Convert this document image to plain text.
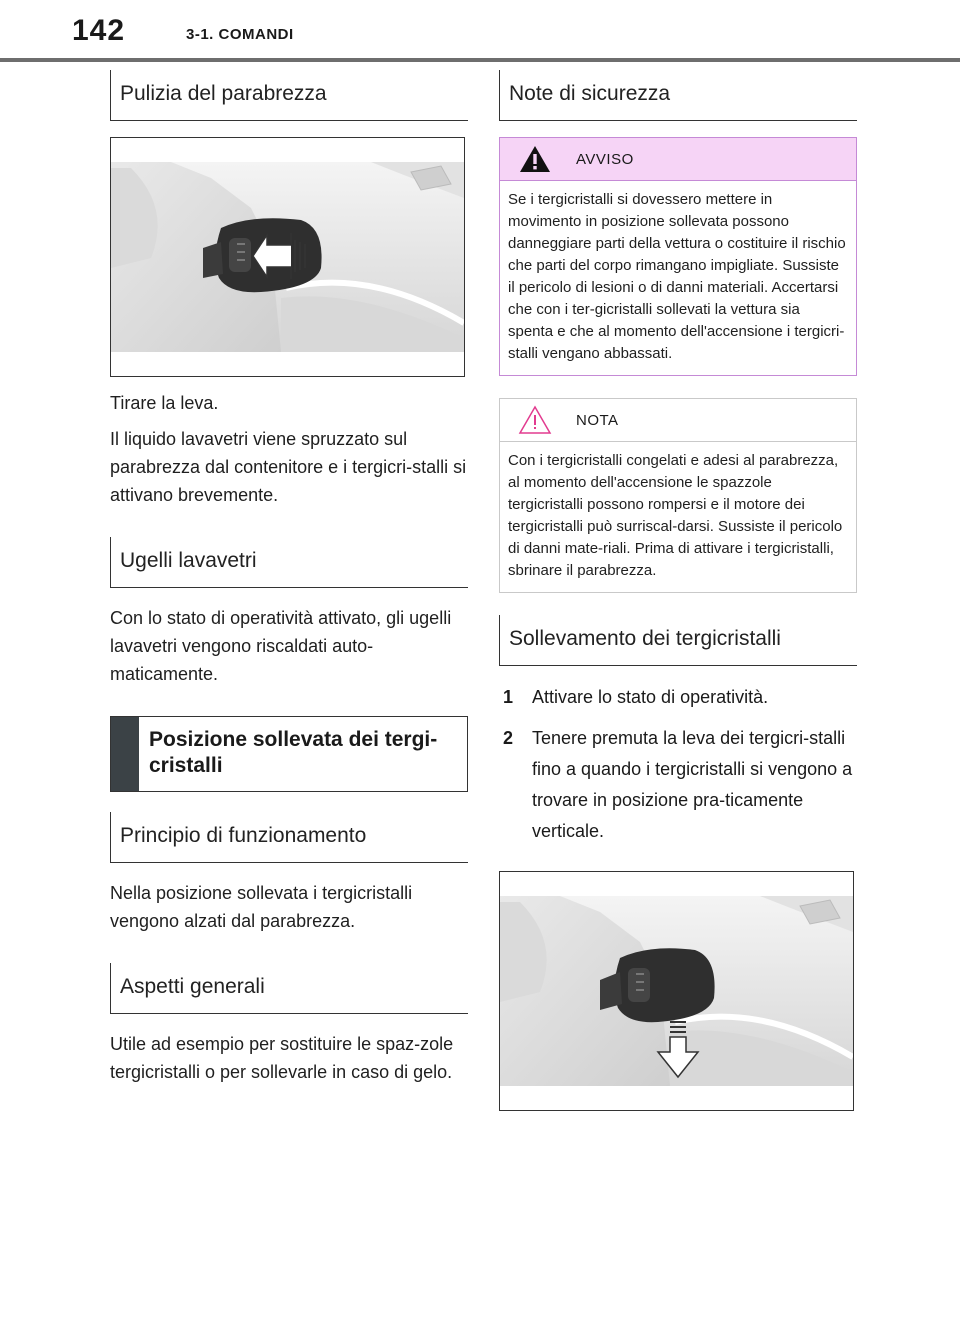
142	3-1. COMANDI
Pulizia del parabrezza

Tirare la leva.

Il liquido lavavetri viene spruzzato sul parabrezza dal contenitore e i tergicri-stalli si attivano brevemente.

Ugelli lavavetri

Con lo stato di operatività attivato, gli ugelli lavavetri vengono riscaldati auto-maticamente.

Posizione sollevata dei tergi-cristalli
Principio di funzionamento

Nella posizione sollevata i tergicristalli vengono alzati dal parabrezza.

Aspetti generali

Utile ad esempio per sostituire le spaz-zole tergicristalli o per sollevarle in caso di gelo.

Note di sicurezza
AVVISO
Se i tergicristalli si dovessero mettere in movimento in posizione sollevata possono danneggiare parti della vettura o costituire il rischio che parti del corpo rimangano impigliate. Sussiste il pericolo di lesioni o di danni materiali. Accertarsi che con i ter-gicristalli sollevati la vettura sia spenta e che al momento dell'accensione i tergicri-stalli vengano abbassati.
NOTA
Con i tergicristalli congelati e adesi al parabrezza, al momento dell'accensione le spazzole tergicristalli possono rompersi e il motore dei tergicristalli può surriscal-darsi. Sussiste il pericolo di danni mate-riali. Prima di attivare i tergicristalli, sbrinare il parabrezza.
Sollevamento dei tergicristalli
1	Attivare lo stato di operatività.
2	Tenere premuta la leva dei tergicri-stalli fino a quando i tergicristalli si vengono a trovare in posizione pra-ticamente verticale.
